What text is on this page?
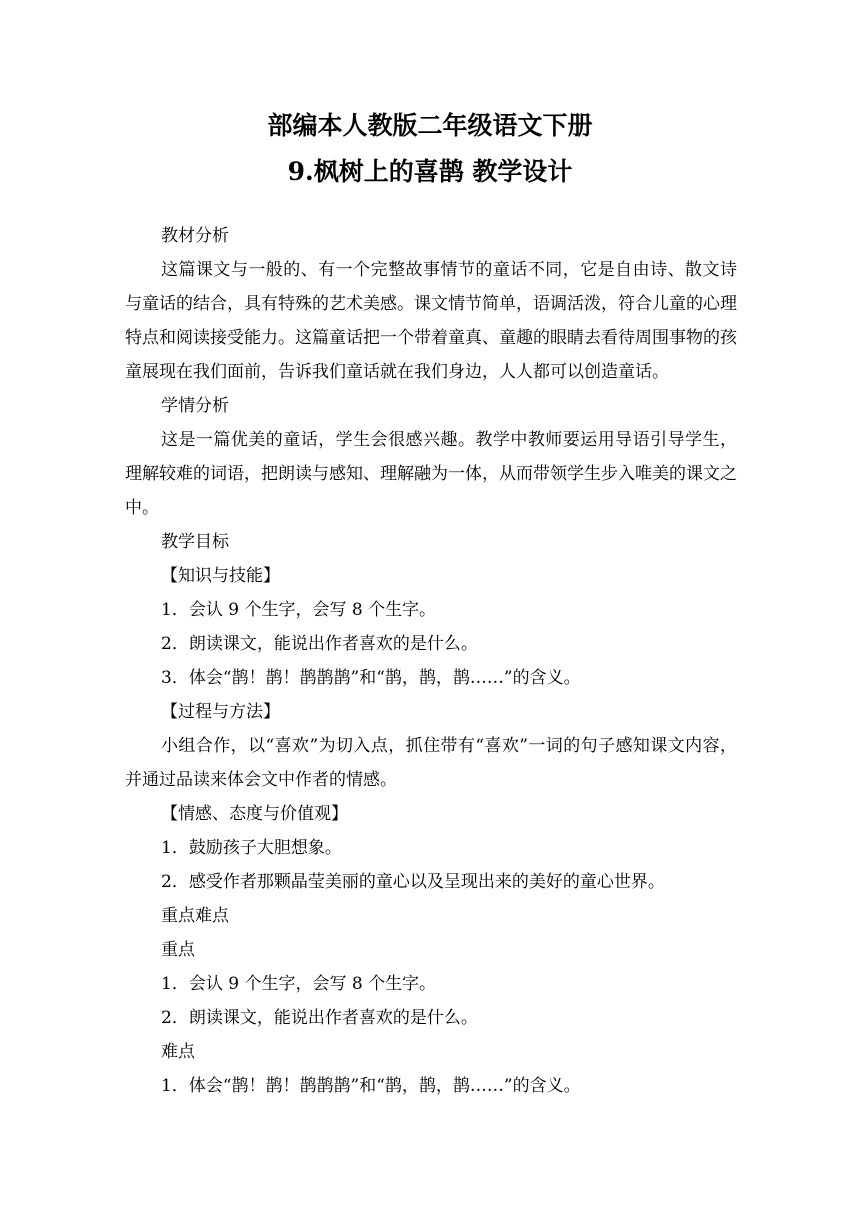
部编本人教版二年级语文下册
9.枫树上的喜鹊 教学设计

教材分析

这篇课文与一般的、有一个完整故事情节的童话不同，它是自由诗、散文诗与童话的结合，具有特殊的艺术美感。课文情节简单，语调活泼，符合儿童的心理特点和阅读接受能力。这篇童话把一个带着童真、童趣的眼睛去看待周围事物的孩童展现在我们面前，告诉我们童话就在我们身边，人人都可以创造童话。

学情分析

这是一篇优美的童话，学生会很感兴趣。教学中教师要运用导语引导学生，理解较难的词语，把朗读与感知、理解融为一体，从而带领学生步入唯美的课文之中。

教学目标

【知识与技能】

1．会认 9 个生字，会写 8 个生字。

2．朗读课文，能说出作者喜欢的是什么。

3．体会“鹊！鹊！鹊鹊鹊”和“鹊，鹊，鹊……”的含义。

【过程与方法】

小组合作，以“喜欢”为切入点，抓住带有“喜欢”一词的句子感知课文内容，并通过品读来体会文中作者的情感。

【情感、态度与价值观】

1．鼓励孩子大胆想象。

2．感受作者那颗晶莹美丽的童心以及呈现出来的美好的童心世界。

重点难点

重点

1．会认 9 个生字，会写 8 个生字。

2．朗读课文，能说出作者喜欢的是什么。

难点

1．体会“鹊！鹊！鹊鹊鹊”和“鹊，鹊，鹊……”的含义。
